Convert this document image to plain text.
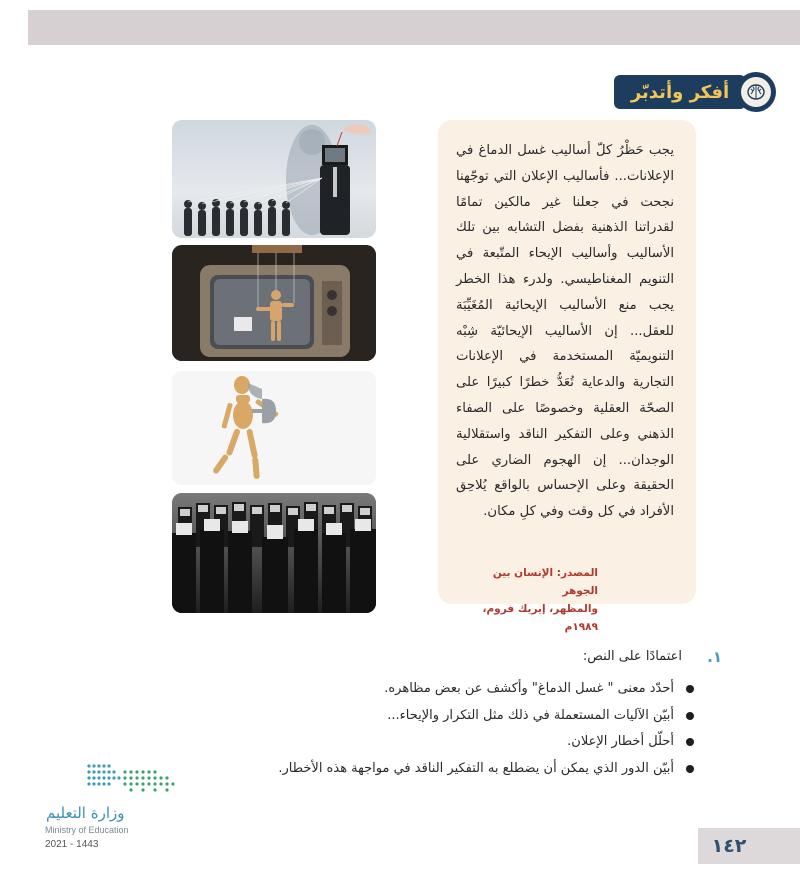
أفكر وأتدبّر
يجب حَظْرُ كلّ أساليب غسل الدماغ في الإعلانات... فأساليب الإعلان التي توجّهنا نجحت في جعلنا غير مالكين تمامًا لقدراتنا الذهنية بفضل التشابه بين تلك الأساليب وأساليب الإيحاء المتّبعة في التنويم المغناطيسي. ولدرء هذا الخطر يجب منع الأساليب الإيحائية المُغَيِّبَة للعقل... إن الأساليب الإيحائيّة شِبْه التنويميّة المستخدمة في الإعلانات التجارية والدعاية تُعَدُّ خطرًا كبيرًا على الصحّة العقلية وخصوصًا على الصفاء الذهني وعلى التفكير الناقد واستقلالية الوجدان... إن الهجوم الضاري على الحقيقة وعلى الإحساس بالواقع يُلاحِق الأفراد في كل وقت وفي كلِ مكان.
المصدر: الإنسان بين الجوهر
والمظهر، إيريك فروم، ١٩٨٩م
١.
اعتمادًا على النص:
أحدّد معنى " غسل الدماغ" وأكشف عن بعض مظاهره.
أبيّن الآليات المستعملة في ذلك مثل التكرار والإيحاء...
أحلّل أخطار الإعلان.
أبيّن الدور الذي يمكن أن يضطلع به التفكير الناقد في مواجهة هذه الأخطار.
وزارة التعليم
Ministry of Education
2021 - 1443	١٤٢
